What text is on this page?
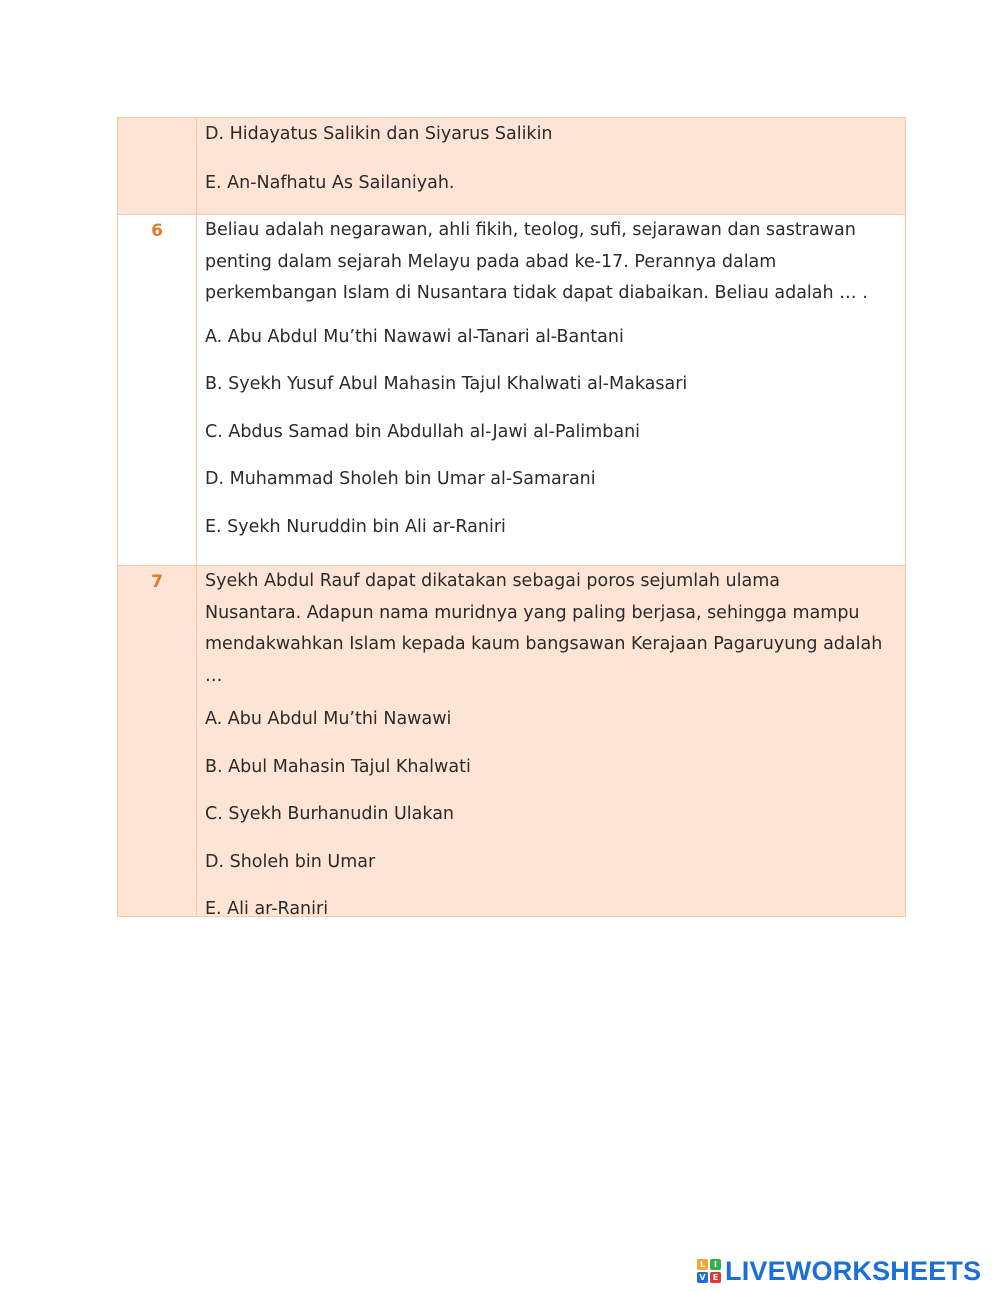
D. Hidayatus Salikin dan Siyarus Salikin

E. An-Nafhatu As Sailaniyah.

6	Beliau adalah negarawan, ahli fikih, teolog, sufi, sejarawan dan sastrawan
penting dalam sejarah Melayu pada abad ke-17. Perannya dalam
perkembangan Islam di Nusantara tidak dapat diabaikan. Beliau adalah … .

A. Abu Abdul Mu’thi Nawawi al-Tanari al-Bantani

B. Syekh Yusuf Abul Mahasin Tajul Khalwati al-Makasari

C. Abdus Samad bin Abdullah al-Jawi al-Palimbani

D. Muhammad Sholeh bin Umar al-Samarani

E. Syekh Nuruddin bin Ali ar-Raniri

7	Syekh Abdul Rauf dapat dikatakan sebagai poros sejumlah ulama
Nusantara. Adapun nama muridnya yang paling berjasa, sehingga mampu
mendakwahkan Islam kepada kaum bangsawan Kerajaan Pagaruyung adalah …

A. Abu Abdul Mu’thi Nawawi

B. Abul Mahasin Tajul Khalwati

C. Syekh Burhanudin Ulakan

D. Sholeh bin Umar

E. Ali ar-Raniri

L	I
V E LIVEWORKSHEETS
